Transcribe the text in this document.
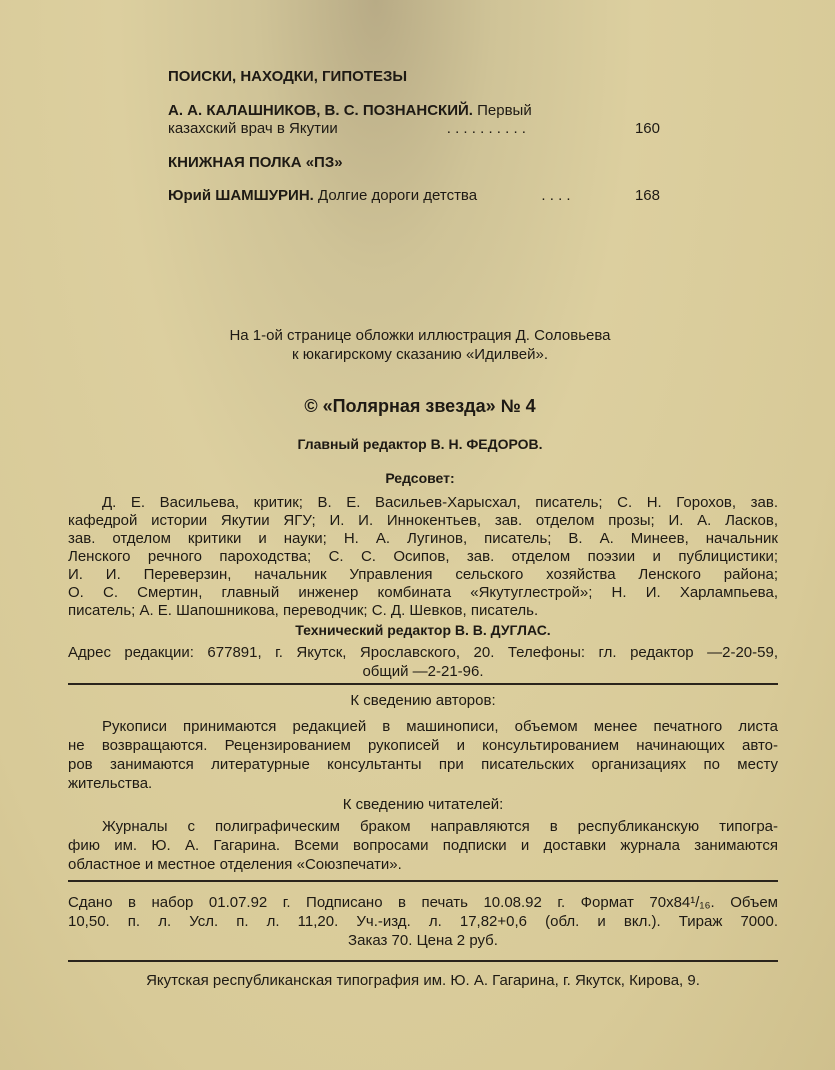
ПОИСКИ, НАХОДКИ, ГИПОТЕЗЫ
А. А. КАЛАШНИКОВ, В. С. ПОЗНАНСКИЙ. Первый
казахский врач в Якутии	. . . . . . . . . .	160
КНИЖНАЯ ПОЛКА «ПЗ»
Юрий ШАМШУРИН. Долгие дороги детства	. . . .	168
На 1-ой странице обложки иллюстрация Д. Соловьева
к юкагирскому сказанию «Идилвей».
© «Полярная звезда» № 4
Главный редактор В. Н. ФЕДОРОВ.
Редсовет:
Д. Е. Васильева, критик; В. Е. Васильев-Харысхал, писатель; С. Н. Горохов, зав.
кафедрой истории Якутии ЯГУ; И. И. Иннокентьев, зав. отделом прозы; И. А. Ласков,
зав. отделом критики и науки; Н. А. Лугинов, писатель; В. А. Минеев, начальник
Ленского речного пароходства; С. С. Осипов, зав. отделом поэзии и публицистики;
И. И. Переверзин, начальник Управления сельского хозяйства Ленского района;
О. С. Смертин, главный инженер комбината «Якутуглестрой»; Н. И. Харлампьева,
писатель; А. Е. Шапошникова, переводчик; С. Д. Шевков, писатель.
Технический редактор В. В. ДУГЛАС.
Адрес редакции: 677891, г. Якутск, Ярославского, 20. Телефоны: гл. редактор —2-20-59,
общий —2-21-96.
К сведению авторов:
Рукописи принимаются редакцией в машинописи, объемом менее печатного листа
не возвращаются. Рецензированием рукописей и консультированием начинающих авто-
ров занимаются литературные консультанты при писательских организациях по месту
жительства.
К сведению читателей:
Журналы с полиграфическим браком направляются в республиканскую типогра-
фию им. Ю. А. Гагарина. Всеми вопросами подписки и доставки журнала занимаются
областное и местное отделения «Союзпечати».
Сдано в набор 01.07.92 г. Подписано в печать 10.08.92 г. Формат 70x84¹/₁₆. Объем
10,50. п. л. Усл. п. л. 11,20. Уч.-изд. л. 17,82+0,6 (обл. и вкл.). Тираж 7000.
Заказ 70. Цена 2 руб.
Якутская республиканская типография им. Ю. А. Гагарина, г. Якутск, Кирова, 9.
